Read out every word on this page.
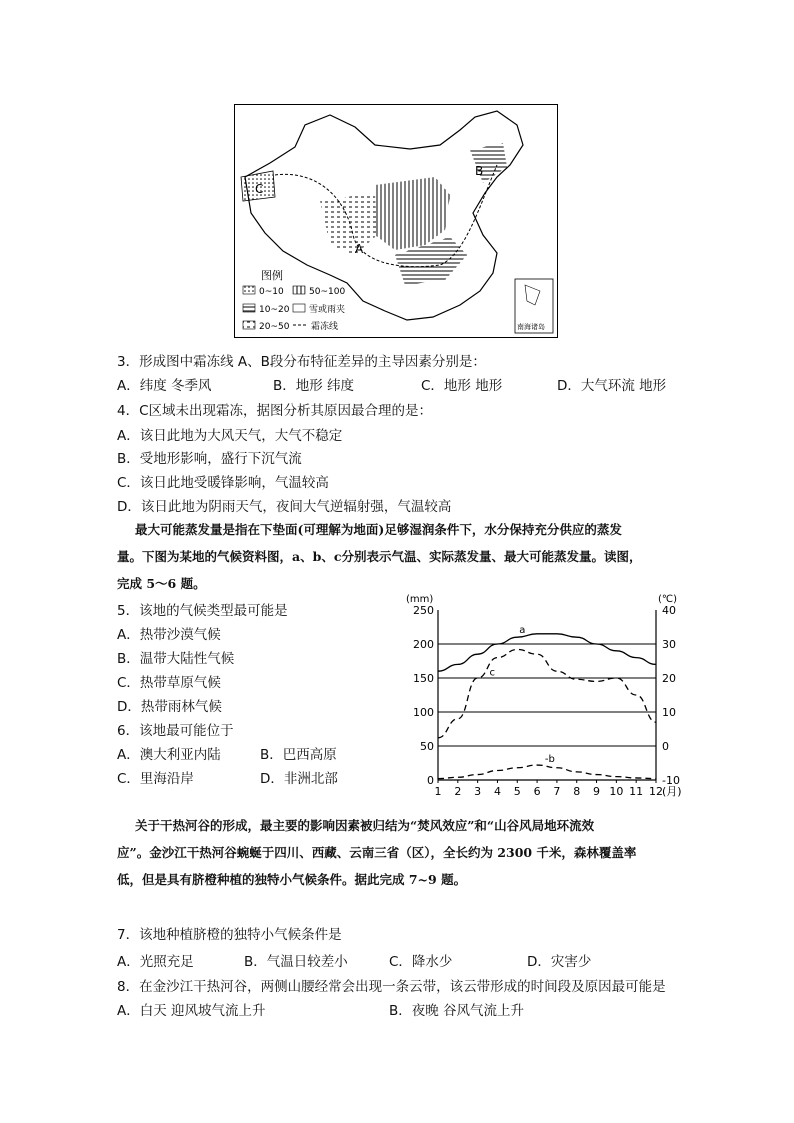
A
B
C
图例
0~10	50~100
10~20 雪或雨夹
20~50 霜冻线	南海诸岛
3．形成图中霜冻线 A、B段分布特征差异的主导因素分别是：
A．纬度 冬季风	B．地形 纬度	C．地形 地形	D．大气环流 地形
4．C区域未出现霜冻，据图分析其原因最合理的是：
A．该日此地为大风天气，大气不稳定
B．受地形影响，盛行下沉气流
C．该日此地受暖锋影响，气温较高
D．该日此地为阴雨天气，夜间大气逆辐射强，气温较高
最大可能蒸发量是指在下垫面(可理解为地面)足够湿润条件下，水分保持充分供应的蒸发
量。下图为某地的气候资料图，a、b、c分别表示气温、实际蒸发量、最大可能蒸发量。读图，
完成 5～6 题。
5．该地的气候类型最可能是
A．热带沙漠气候
B．温带大陆性气候
C．热带草原气候
D．热带雨林气候
6．该地最可能位于
A．澳大利亚内陆	B．巴西高原
C．里海沿岸	D．非洲北部
250
200
150
100
50
0
40
30
20
10
0
-10
(mm)	(℃)
1 2 3 4 5 6 7 8 9 10 11 12 (月)
a
c
-b
关于干热河谷的形成，最主要的影响因素被归结为“焚风效应”和“山谷风局地环流效
应”。金沙江干热河谷蜿蜒于四川、西藏、云南三省（区），全长约为 2300 千米，森林覆盖率
低，但是具有脐橙种植的独特小气候条件。据此完成 7~9 题。
7．该地种植脐橙的独特小气候条件是
A．光照充足	B．气温日较差小	C．降水少	D．灾害少
8．在金沙江干热河谷，两侧山腰经常会出现一条云带，该云带形成的时间段及原因最可能是
A．白天 迎风坡气流上升	B．夜晚 谷风气流上升
